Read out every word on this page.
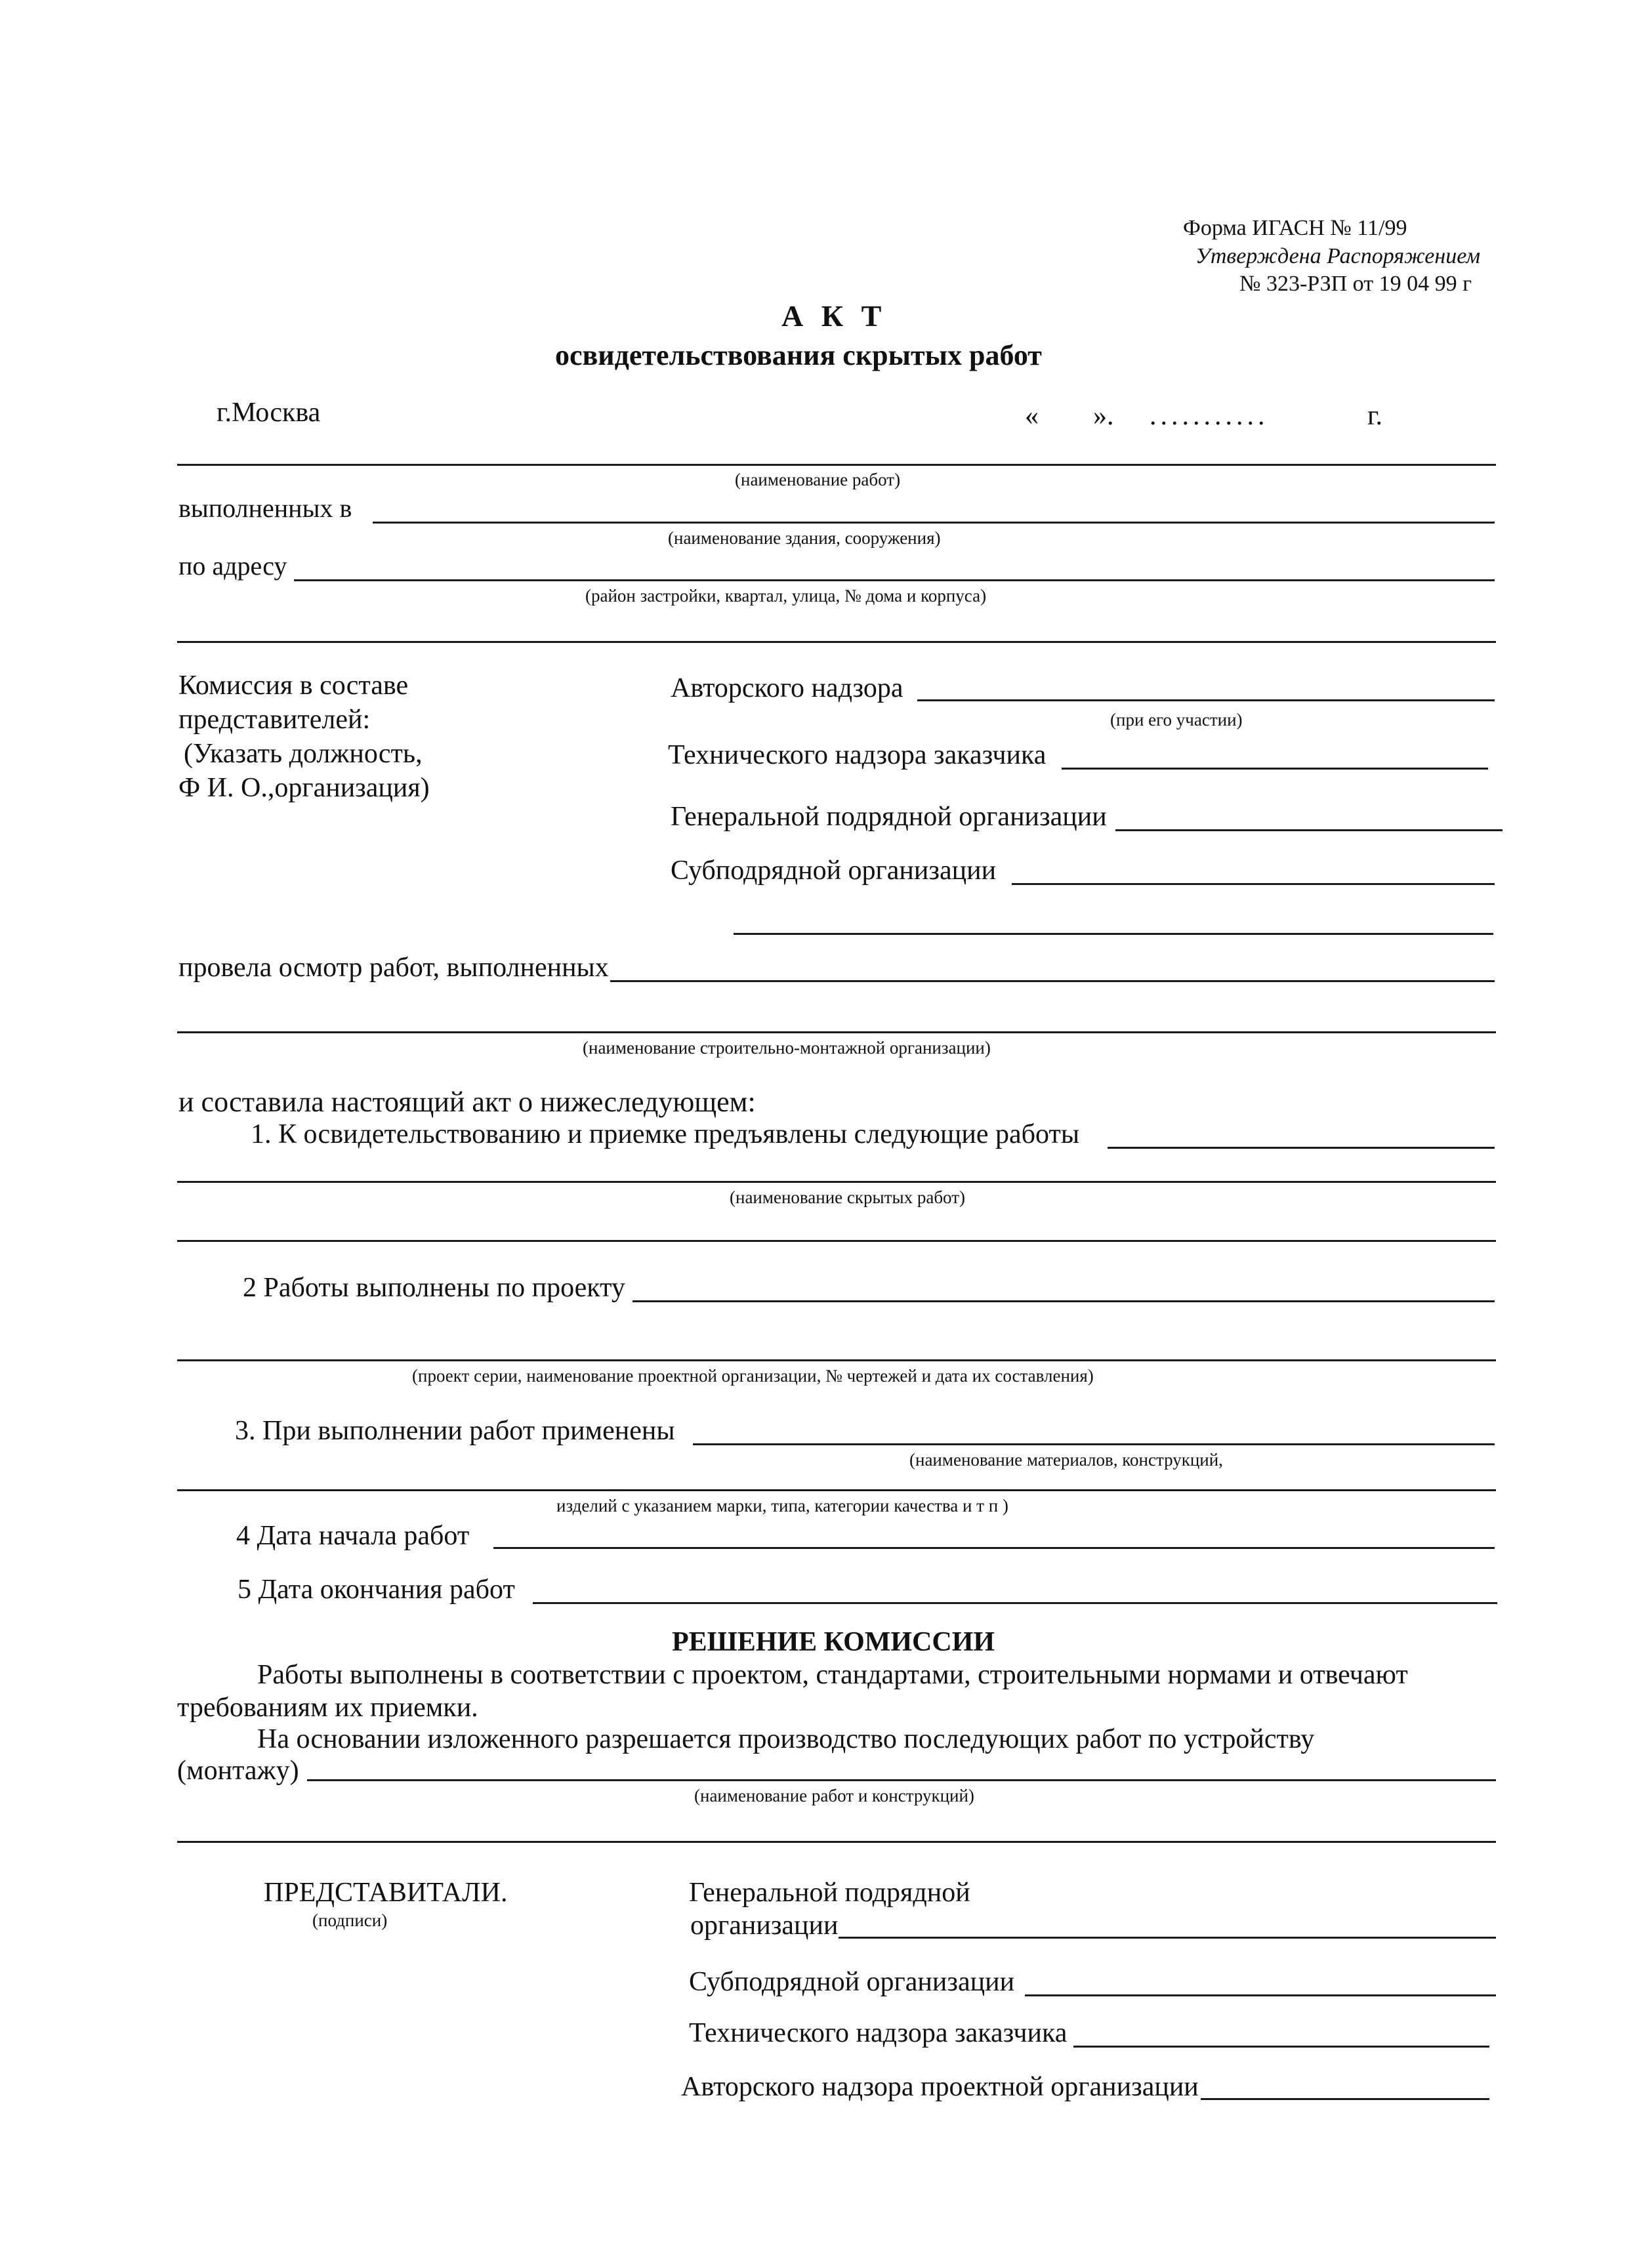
Форма ИГАСН № 11/99
Утверждена Распоряжением
№ 323-РЗП от 19 04 99 г
А К Т
освидетельствования скрытых работ
г.Москва	« ». ...........	г.
(наименование работ)
выполненных в
(наименование здания, сооружения)
по адресу
(район застройки, квартал, улица, № дома и корпуса)
Комиссия в составе
представителей:
(Указать должность,
Ф И. О.,организация)
Авторского надзора
(при его участии)
Технического надзора заказчика
Генеральной подрядной организации
Субподрядной организации
провела осмотр работ, выполненных
(наименование строительно-монтажной организации)
и составила настоящий акт о нижеследующем:
1. К освидетельствованию и приемке предъявлены следующие работы
(наименование скрытых работ)
2 Работы выполнены по проекту
(проект серии, наименование проектной организации, № чертежей и дата их составления)
3. При выполнении работ применены
(наименование материалов, конструкций,
изделий с указанием марки, типа, категории качества и т п )
4 Дата начала работ
5 Дата окончания работ
РЕШЕНИЕ КОМИССИИ
Работы выполнены в соответствии с проектом, стандартами, строительными нормами и отвечают
требованиям их приемки.
На основании изложенного разрешается производство последующих работ по устройству
(монтажу)
(наименование работ и конструкций)
ПРЕДСТАВИТАЛИ.
(подписи)
Генеральной подрядной
организации
Субподрядной организации
Технического надзора заказчика
Авторского надзора проектной организации
